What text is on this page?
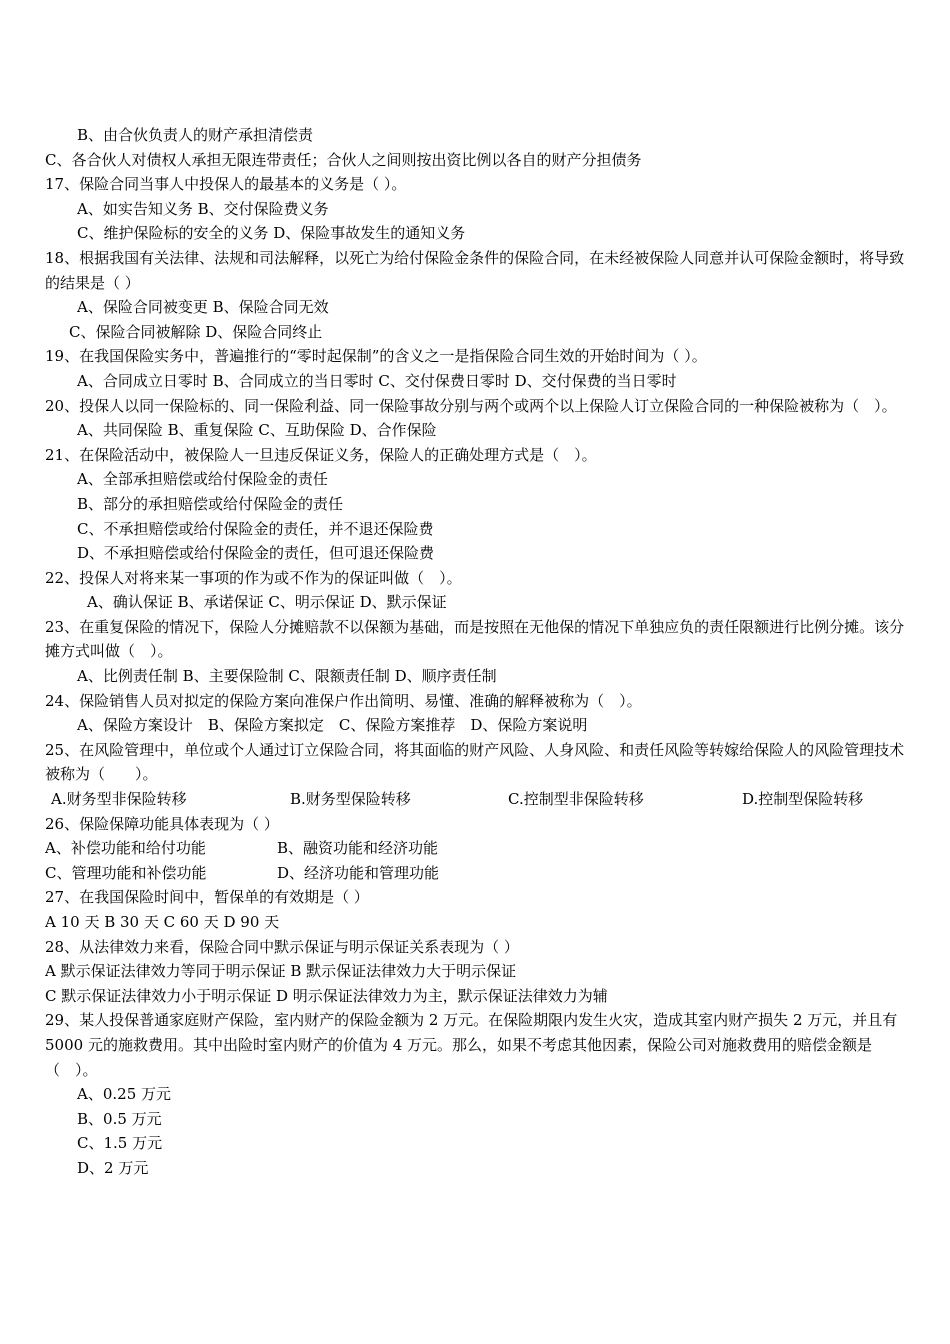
B、由合伙负责人的财产承担清偿责
C、各合伙人对债权人承担无限连带责任；合伙人之间则按出资比例以各自的财产分担债务
17、保险合同当事人中投保人的最基本的义务是（ ）。
A、如实告知义务 B、交付保险费义务
C、维护保险标的安全的义务 D、保险事故发生的通知义务
18、根据我国有关法律、法规和司法解释，以死亡为给付保险金条件的保险合同，在未经被保险人同意并认可保险金额时，将导致的结果是（ ）
A、保险合同被变更 B、保险合同无效
C、保险合同被解除 D、保险合同终止
19、在我国保险实务中，普遍推行的“零时起保制”的含义之一是指保险合同生效的开始时间为（ ）。
A、合同成立日零时 B、合同成立的当日零时 C、交付保费日零时 D、交付保费的当日零时
20、投保人以同一保险标的、同一保险利益、同一保险事故分别与两个或两个以上保险人订立保险合同的一种保险被称为（　）。
A、共同保险 B、重复保险 C、互助保险 D、合作保险
21、在保险活动中，被保险人一旦违反保证义务，保险人的正确处理方式是（　）。
A、全部承担赔偿或给付保险金的责任
B、部分的承担赔偿或给付保险金的责任
C、不承担赔偿或给付保险金的责任，并不退还保险费
D、不承担赔偿或给付保险金的责任，但可退还保险费
22、投保人对将来某一事项的作为或不作为的保证叫做（　）。
A、确认保证 B、承诺保证 C、明示保证 D、默示保证
23、在重复保险的情况下，保险人分摊赔款不以保额为基础，而是按照在无他保的情况下单独应负的责任限额进行比例分摊。该分摊方式叫做（　）。
A、比例责任制 B、主要保险制 C、限额责任制 D、顺序责任制
24、保险销售人员对拟定的保险方案向准保户作出简明、易懂、准确的解释被称为（　）。
A、保险方案设计　B、保险方案拟定　C、保险方案推荐　D、保险方案说明
25、在风险管理中，单位或个人通过订立保险合同，将其面临的财产风险、人身风险、和责任风险等转嫁给保险人的风险管理技术被称为（　　）。
A.财务型非保险转移	B.财务型保险转移	C.控制型非保险转移	D.控制型保险转移
26、保险保障功能具体表现为（ ）
A、补偿功能和给付功能	B、融资功能和经济功能
C、管理功能和补偿功能	D、经济功能和管理功能
27、在我国保险时间中，暂保单的有效期是（ ）
A 10 天 B 30 天 C 60 天 D 90 天
28、从法律效力来看，保险合同中默示保证与明示保证关系表现为（ ）
A 默示保证法律效力等同于明示保证 B 默示保证法律效力大于明示保证
C 默示保证法律效力小于明示保证 D 明示保证法律效力为主，默示保证法律效力为辅
29、某人投保普通家庭财产保险，室内财产的保险金额为 2 万元。在保险期限内发生火灾，造成其室内财产损失 2 万元，并且有 5000 元的施救费用。其中出险时室内财产的价值为 4 万元。那么，如果不考虑其他因素，保险公司对施救费用的赔偿金额是（　）。
A、0.25 万元
B、0.5 万元
C、1.5 万元
D、2 万元
